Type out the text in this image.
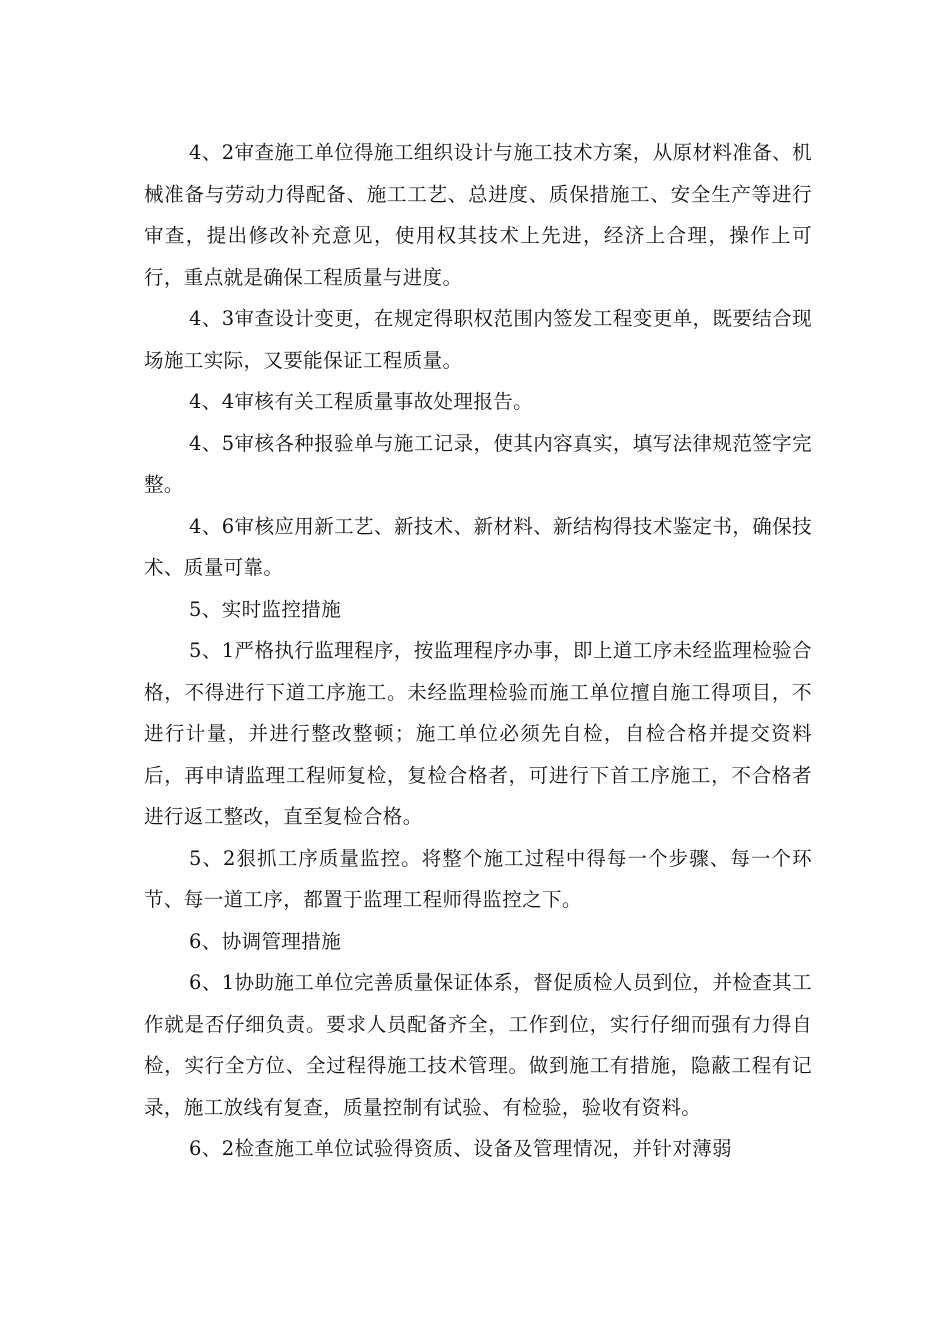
4、2审查施工单位得施工组织设计与施工技术方案，从原材料准备、机械准备与劳动力得配备、施工工艺、总进度、质保措施工、安全生产等进行审查，提出修改补充意见，使用权其技术上先进，经济上合理，操作上可行，重点就是确保工程质量与进度。

4、3审查设计变更，在规定得职权范围内签发工程变更单，既要结合现场施工实际，又要能保证工程质量。

4、4审核有关工程质量事故处理报告。

4、5审核各种报验单与施工记录，使其内容真实，填写法律规范签字完整。

4、6审核应用新工艺、新技术、新材料、新结构得技术鉴定书，确保技术、质量可靠。

5、实时监控措施

5、1严格执行监理程序，按监理程序办事，即上道工序未经监理检验合格，不得进行下道工序施工。未经监理检验而施工单位擅自施工得项目，不进行计量，并进行整改整顿；施工单位必须先自检，自检合格并提交资料后，再申请监理工程师复检，复检合格者，可进行下首工序施工，不合格者进行返工整改，直至复检合格。

5、2狠抓工序质量监控。将整个施工过程中得每一个步骤、每一个环节、每一道工序，都置于监理工程师得监控之下。

6、协调管理措施

6、1协助施工单位完善质量保证体系，督促质检人员到位，并检查其工作就是否仔细负责。要求人员配备齐全，工作到位，实行仔细而强有力得自检，实行全方位、全过程得施工技术管理。做到施工有措施，隐蔽工程有记录，施工放线有复查，质量控制有试验、有检验，验收有资料。

6、2检查施工单位试验得资质、设备及管理情况，并针对薄弱
